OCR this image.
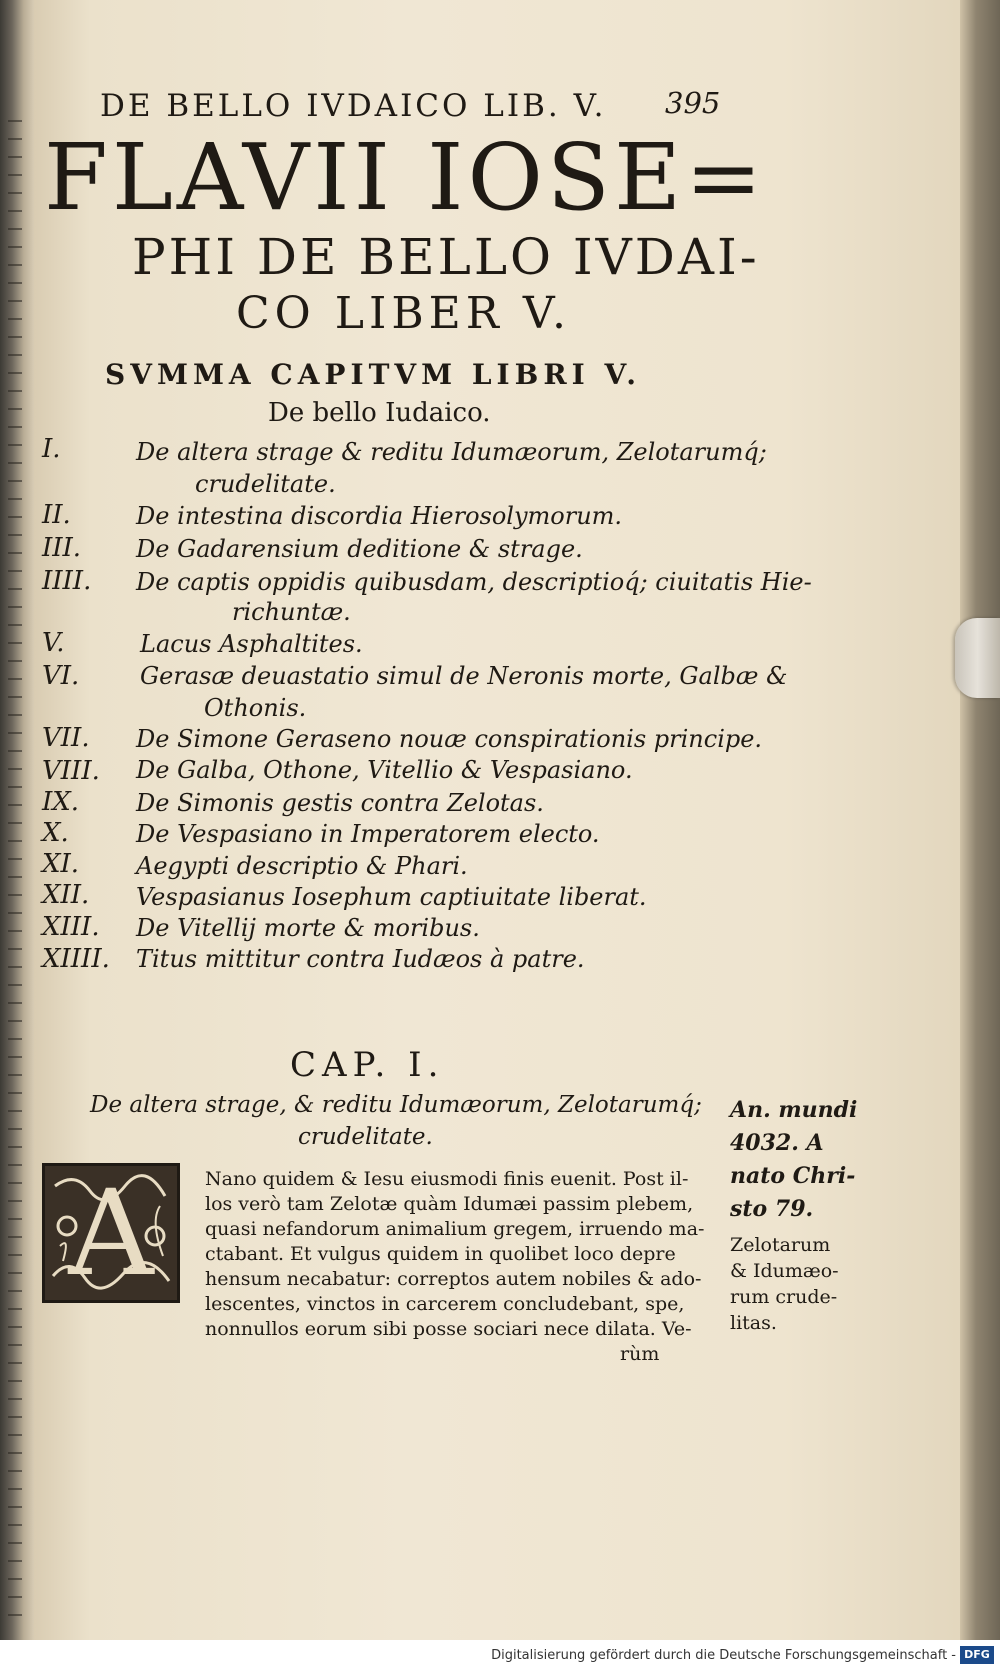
DE BELLO IVDAICO LIB. V. 395
FLAVII IOSE=
PHI DE BELLO IVDAI-
CO LIBER V.
SVMMA CAPITVM LIBRI V.
De bello Iudaico.
I.	De altera strage & reditu Idumæorum, Zelotarumq́;
crudelitate.
II.	De intestina discordia Hierosolymorum.
III. De Gadarensium deditione & strage.
IIII. De captis oppidis quibusdam, descriptioq́; ciuitatis Hie-
richuntæ.
V.	Lacus Asphaltites.
VI.	Gerasæ deuastatio simul de Neronis morte, Galbæ &
Othonis.
VII. De Simone Geraseno nouæ conspirationis principe.
VIII. De Galba, Othone, Vitellio & Vespasiano.
IX. De Simonis gestis contra Zelotas.
X.	De Vespasiano in Imperatorem electo.
XI. Aegypti descriptio & Phari.
XII. Vespasianus Iosephum captiuitate liberat.
XIII. De Vitellij morte & moribus.
XIIII. Titus mittitur contra Iudæos à patre.
CAP. I.
De altera strage, & reditu Idumæorum, Zelotarumq́;
crudelitate.
A	Nano quidem & Iesu eiusmodi finis euenit. Post il-
los verò tam Zelotæ quàm Idumæi passim plebem,
quasi nefandorum animalium gregem, irruendo ma-
ctabant. Et vulgus quidem in quolibet loco depre
hensum necabatur: correptos autem nobiles & ado-
lescentes, vinctos in carcerem concludebant, spe,
nonnullos eorum sibi posse sociari nece dilata. Ve-
rùm
An. mundi
4032. A
nato Chri-
sto 79.
Zelotarum
& Idumæo-
rum crude-
litas.
Digitalisierung gefördert durch die Deutsche Forschungsgemeinschaft - DFG
